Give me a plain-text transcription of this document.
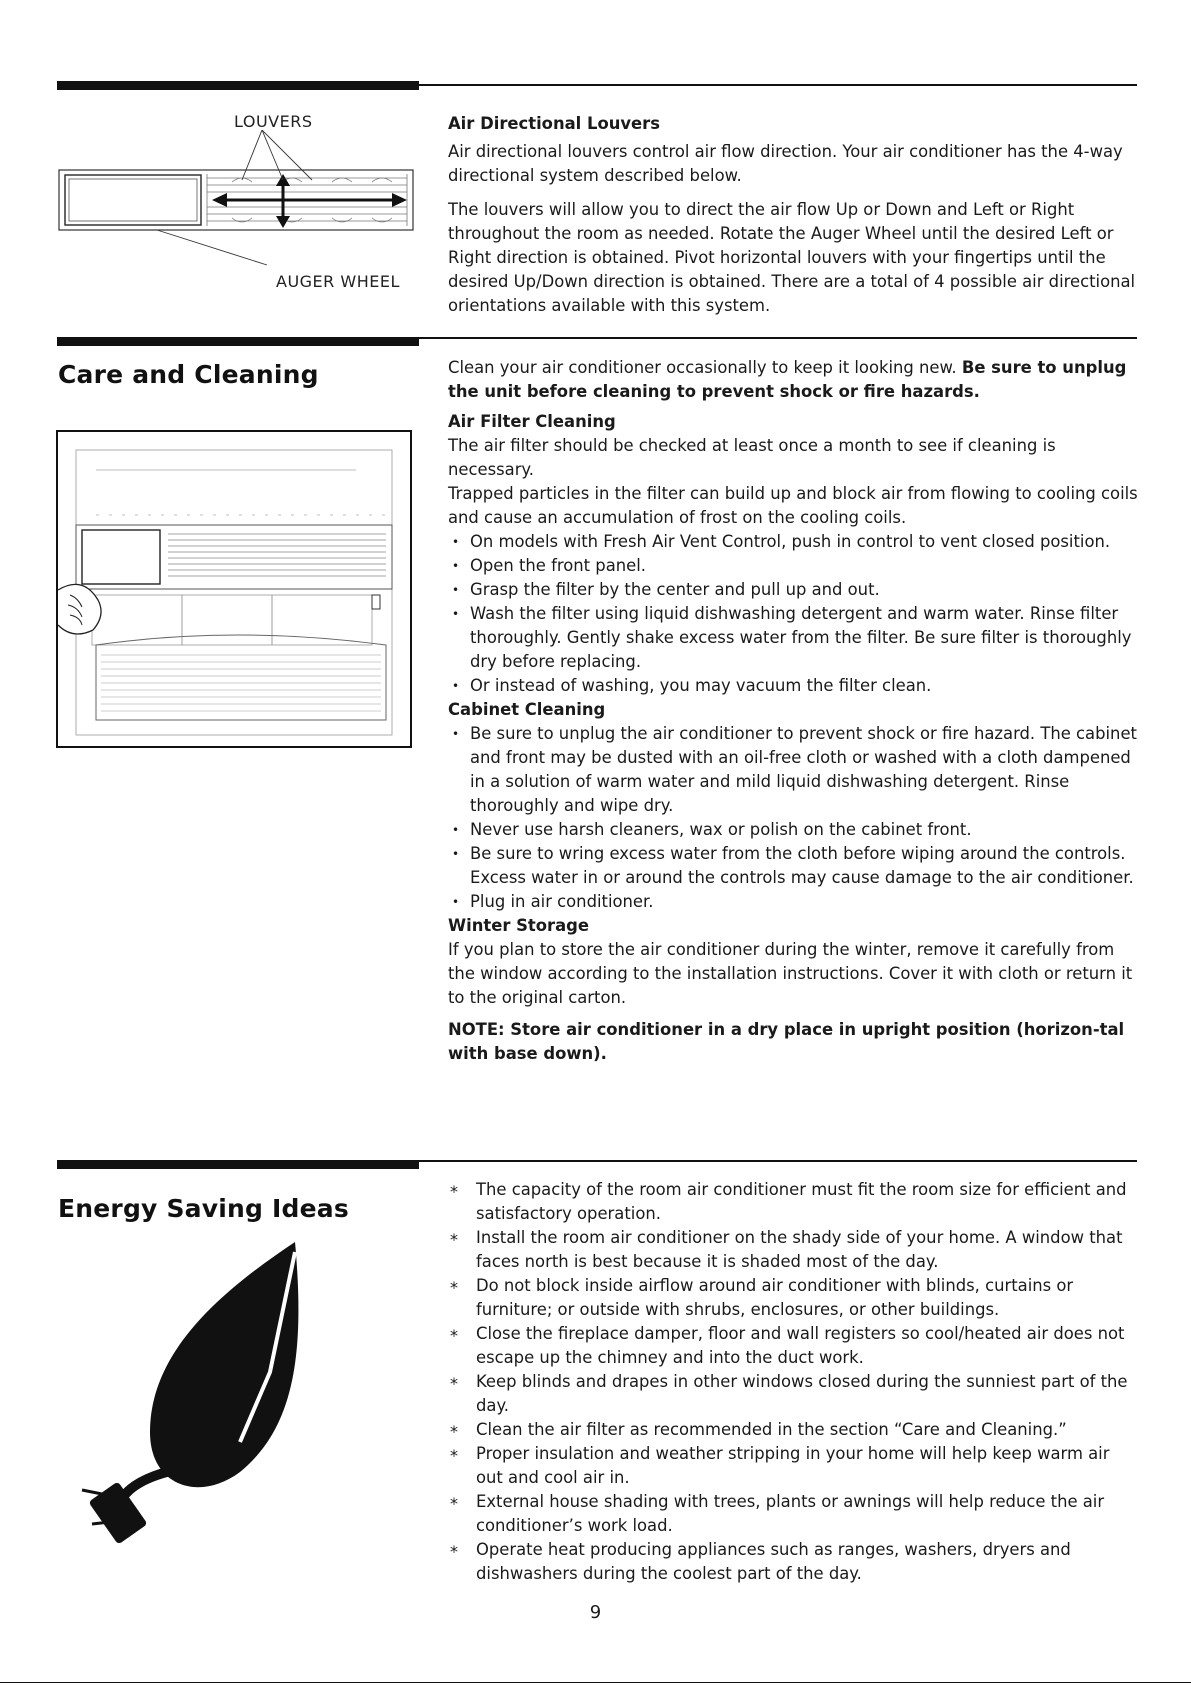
LOUVERS
AUGER WHEEL

Air Directional Louvers

Air directional louvers control air flow direction. Your air conditioner has the 4-way directional system described below.

The louvers will allow you to direct the air flow Up or Down and Left or Right throughout the room as needed. Rotate the Auger Wheel until the desired Left or Right direction is obtained. Pivot horizontal louvers with your fingertips until the desired Up/Down direction is obtained. There are a total of 4 possible air directional orientations available with this system.

Care and Cleaning	Clean your air conditioner occasionally to keep it looking new. Be sure to unplug the unit before cleaning to prevent shock or fire hazards.

Air Filter Cleaning

The air filter should be checked at least once a month to see if cleaning is necessary.

Trapped particles in the filter can build up and block air from flowing to cooling coils and cause an accumulation of frost on the cooling coils.

• On models with Fresh Air Vent Control, push in control to vent closed position.
• Open the front panel.
• Grasp the filter by the center and pull up and out.
• Wash the filter using liquid dishwashing detergent and warm water. Rinse filter thoroughly. Gently shake excess water from the filter. Be sure filter is thoroughly dry before replacing.
• Or instead of washing, you may vacuum the filter clean.

Cabinet Cleaning

• Be sure to unplug the air conditioner to prevent shock or fire hazard. The cabinet and front may be dusted with an oil-free cloth or washed with a cloth dampened in a solution of warm water and mild liquid dishwashing detergent. Rinse thoroughly and wipe dry.
• Never use harsh cleaners, wax or polish on the cabinet front.
• Be sure to wring excess water from the cloth before wiping around the controls. Excess water in or around the controls may cause damage to the air conditioner.
• Plug in air conditioner.

Winter Storage

If you plan to store the air conditioner during the winter, remove it carefully from the window according to the installation instructions. Cover it with cloth or return it to the original carton.

NOTE: Store air conditioner in a dry place in upright position (horizon-tal with base down).

Energy Saving Ideas
* The capacity of the room air conditioner must fit the room size for efficient and satisfactory operation.
* Install the room air conditioner on the shady side of your home. A window that faces north is best because it is shaded most of the day.
* Do not block inside airflow around air conditioner with blinds, curtains or furniture; or outside with shrubs, enclosures, or other buildings.
* Close the fireplace damper, floor and wall registers so cool/heated air does not escape up the chimney and into the duct work.
* Keep blinds and drapes in other windows closed during the sunniest part of the day.
* Clean the air filter as recommended in the section “Care and Cleaning.”
* Proper insulation and weather stripping in your home will help keep warm air out and cool air in.
* External house shading with trees, plants or awnings will help reduce the air conditioner’s work load.
* Operate heat producing appliances such as ranges, washers, dryers and dishwashers during the coolest part of the day.
9
